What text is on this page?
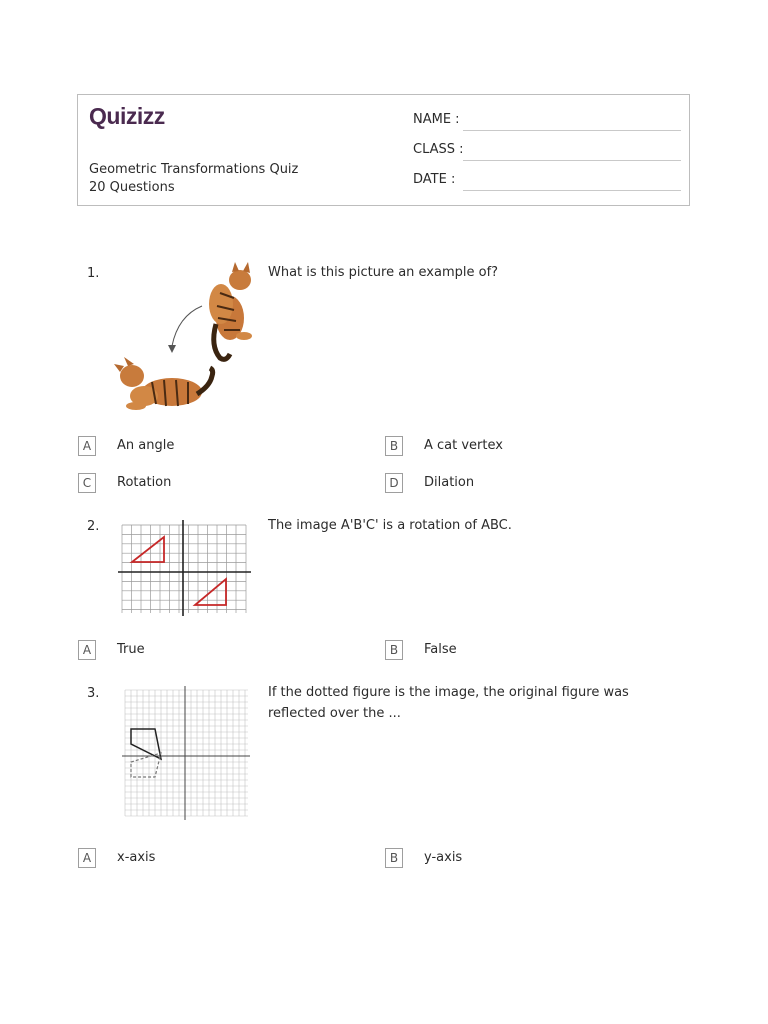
Quizizz
Geometric Transformations Quiz
20 Questions
NAME :
CLASS :
DATE :
1.	What is this picture an example of?
A	An angle	B	A cat vertex
C	Rotation	D	Dilation
2.	The image A'B'C' is a rotation of ABC.
A	True	B	False
3.	If the dotted figure is the image, the original figure was reflected over the ...
A	x-axis	B	y-axis
